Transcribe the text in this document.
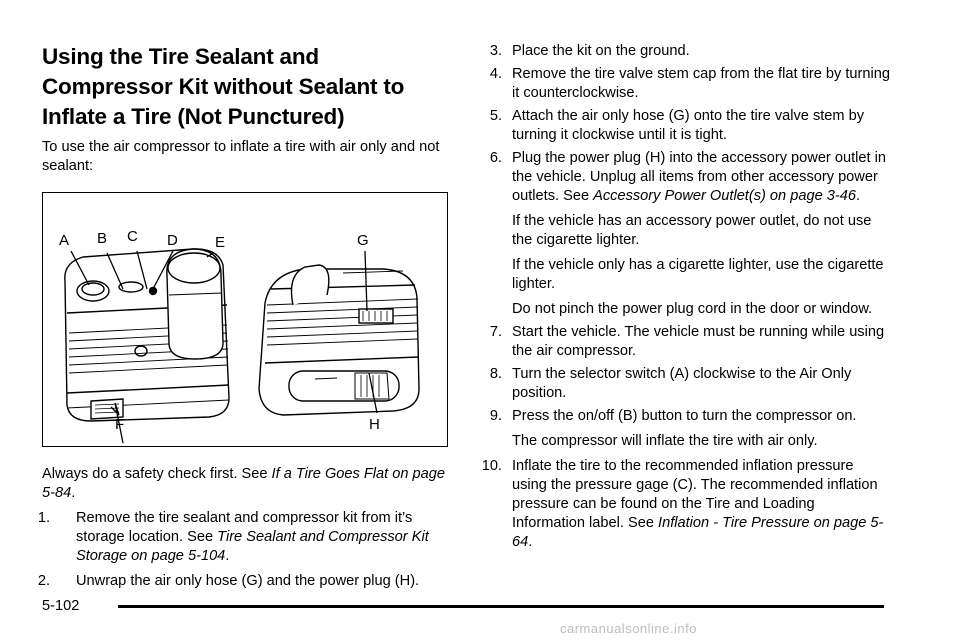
Using the Tire Sealant and Compressor Kit without Sealant to Inflate a Tire (Not Punctured)

To use the air compressor to inflate a tire with air only and not sealant:

A B C D E	G
F	H

Always do a safety check first. See If a Tire Goes Flat on page 5-84.

1. Remove the tire sealant and compressor kit from it’s storage location. See Tire Sealant and Compressor Kit Storage on page 5-104.
2. Unwrap the air only hose (G) and the power plug (H).
3. Place the kit on the ground.
4. Remove the tire valve stem cap from the flat tire by turning it counterclockwise.
5. Attach the air only hose (G) onto the tire valve stem by turning it clockwise until it is tight.
6. Plug the power plug (H) into the accessory power outlet in the vehicle. Unplug all items from other accessory power outlets. See Accessory Power Outlet(s) on page 3-46.

If the vehicle has an accessory power outlet, do not use the cigarette lighter.

If the vehicle only has a cigarette lighter, use the cigarette lighter.

Do not pinch the power plug cord in the door or window.

7. Start the vehicle. The vehicle must be running while using the air compressor.
8. Turn the selector switch (A) clockwise to the Air Only position.
9. Press the on/off (B) button to turn the compressor on.

The compressor will inflate the tire with air only.

10. Inflate the tire to the recommended inflation pressure using the pressure gage (C). The recommended inflation pressure can be found on the Tire and Loading Information label. See Inflation - Tire Pressure on page 5-64.
5-102
carmanualsonline.info
